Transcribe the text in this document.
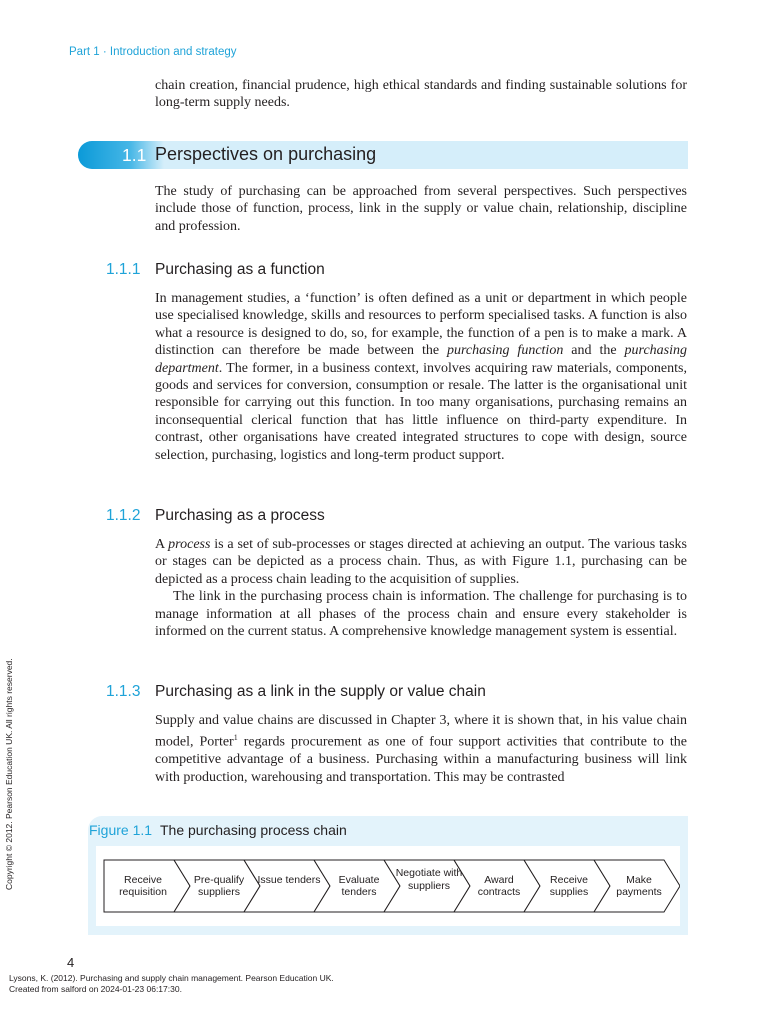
Part 1 · Introduction and strategy

chain creation, financial prudence, high ethical standards and finding sustainable solutions for long-term supply needs.

1.1 Perspectives on purchasing

The study of purchasing can be approached from several perspectives. Such perspectives include those of function, process, link in the supply or value chain, relationship, discipline and profession.

1.1.1 Purchasing as a function

In management studies, a ‘function’ is often defined as a unit or department in which people use specialised knowledge, skills and resources to perform specialised tasks. A function is also what a resource is designed to do, so, for example, the function of a pen is to make a mark. A distinction can therefore be made between the purchasing function and the purchasing department. The former, in a business context, involves acquiring raw materials, components, goods and services for conversion, consumption or resale. The latter is the organisational unit responsible for carrying out this function. In too many organisations, purchasing remains an inconsequential clerical function that has little influence on third-party expenditure. In contrast, other organisations have created integrated structures to cope with design, source selection, purchasing, logistics and long-term product support.

1.1.2 Purchasing as a process

A process is a set of sub-processes or stages directed at achieving an output. The various tasks or stages can be depicted as a process chain. Thus, as with Figure 1.1, purchasing can be depicted as a process chain leading to the acquisition of supplies.

The link in the purchasing process chain is information. The challenge for purchasing is to manage information at all phases of the process chain and ensure every stakeholder is informed on the current status. A comprehensive knowledge management system is essential.

1.1.3 Purchasing as a link in the supply or value chain

Supply and value chains are discussed in Chapter 3, where it is shown that, in his value chain model, Porter$^1$ regards procurement as one of four support activities that contribute to the competitive advantage of a business. Purchasing within a manufacturing business will link with production, warehousing and transportation. This may be contrasted

Figure 1.1 The purchasing process chain
Receive requisition
Pre-qualify suppliers
Issue tenders	Evaluate tenders
Negotiate with suppliers
Award contracts
Receive supplies
Make payments
Copyright © 2012. Pearson Education UK. All rights reserved.
4
Lysons, K. (2012). Purchasing and supply chain management. Pearson Education UK.
Created from salford on 2024-01-23 06:17:30.
